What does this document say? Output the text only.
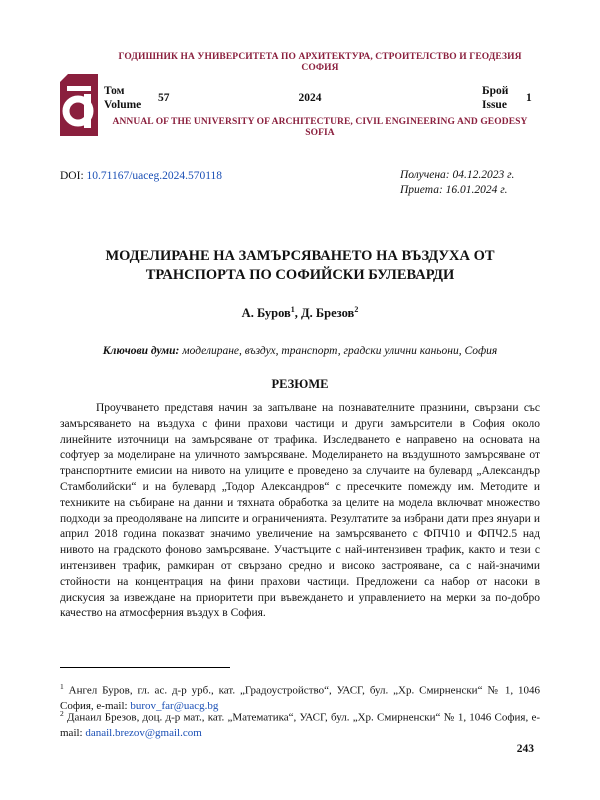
ГОДИШНИК НА УНИВЕРСИТЕТА ПО АРХИТЕКТУРА, СТРОИТЕЛСТВО И ГЕОДЕЗИЯ СОФИЯ
Том
Volume
57	2024
Брой
Issue
1
ANNUAL OF THE UNIVERSITY OF ARCHITECTURE, CIVIL ENGINEERING AND GEODESY SOFIA
DOI: 10.71167/uaceg.2024.570118	Получена: 04.12.2023 г.
Приета: 16.01.2024 г.
МОДЕЛИРАНЕ НА ЗАМЪРСЯВАНЕТО НА ВЪЗДУХА ОТ ТРАНСПОРТА ПО СОФИЙСКИ БУЛЕВАРДИ
А. Буров$^1$, Д. Брезов$^2$
Ключови думи: моделиране, въздух, транспорт, градски улични каньони, София
РЕЗЮМЕ

Проучването представя начин за запълване на познавателните празнини, свързани със замърсяването на въздуха с фини прахови частици и други замърсители в София около линейните източници на замърсяване от трафика. Изследването е направено на основата на софтуер за моделиране на уличното замърсяване. Моделирането на въздушното замърсяване от транспортните емисии на нивото на улиците е проведено за случаите на булевард „Александър Стамболийски“ и на булевард „Тодор Александров“ с пресечките помежду им. Методите и техниките на събиране на данни и тяхната обработка за целите на модела включват множество подходи за преодоляване на липсите и ограниченията. Резултатите за избрани дати през януари и април 2018 година показват значимо увеличение на замърсяването с ФПЧ10 и ФПЧ2.5 над нивото на градското фоново замърсяване. Участъците с най-интензивен трафик, както и тези с интензивен трафик, рамкиран от свързано средно и високо застрояване, са с най-значими стойности на концентрация на фини прахови частици. Предложени са набор от насоки в дискусия за извеждане на приоритети при въвеждането и управлението на мерки за по-добро качество на атмосферния въздух в София.

$^1$ Ангел Буров, гл. ас. д-р урб., кат. „Градоустройство“, УАСГ, бул. „Хр. Смирненски“ № 1, 1046 София, e-mail: burov_far@uacg.bg

$^2$ Данаил Брезов, доц. д-р мат., кат. „Математика“, УАСГ, бул. „Хр. Смирненски“ № 1, 1046 София, e-mail: danail.brezov@gmail.com

243
